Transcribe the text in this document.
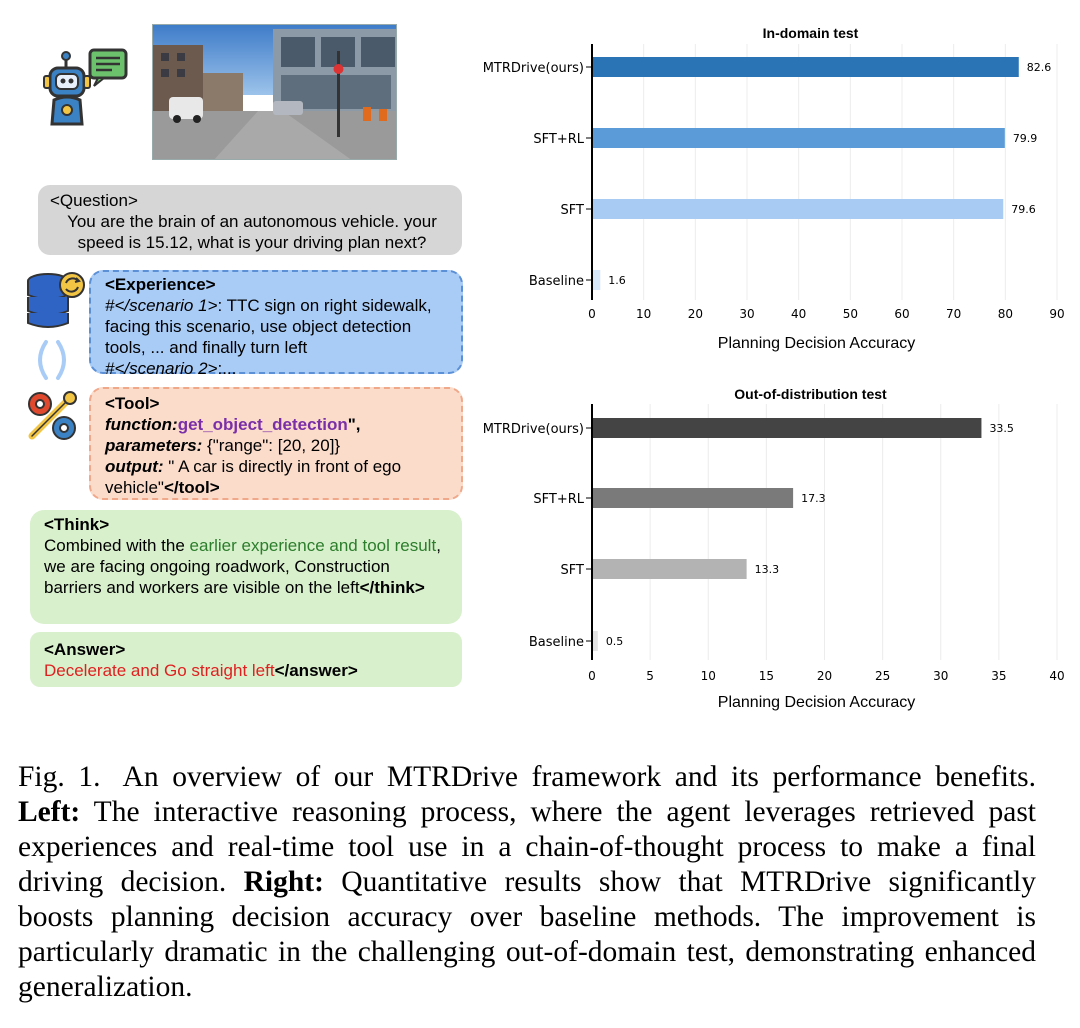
<Question>
You are the brain of an autonomous vehicle. your speed is 15.12, what is your driving plan next?
<Experience>
#</scenario 1>: TTC sign on right sidewalk, facing this scenario, use object detection tools, ... and finally turn left
#</scenario 2>:...
<Tool>
function:get_object_detection",
parameters: {"range": [20, 20]}
output: " A car is directly in front of ego vehicle"</tool>
<Think>
Combined with the earlier experience and tool result, we are facing ongoing roadwork, Construction barriers and workers are visible on the left</think>
<Answer>
Decelerate and Go straight left</answer>
In-domain test
MTRDrive(ours)	82.6
SFT+RL	79.9
SFT	79.6
Baseline 1.6
0	10	20	30	40	50	60	70	80	90
Planning Decision Accuracy
Out-of-distribution test
MTRDrive(ours)	33.5
SFT+RL	17.3
SFT	13.3
Baseline 0.5
0	5	10	15	20	25	30	35	40
Planning Decision Accuracy
Fig. 1. An overview of our MTRDrive framework and its performance benefits. Left: The interactive reasoning process, where the agent leverages retrieved past experiences and real-time tool use in a chain-of-thought process to make a final driving decision. Right: Quantitative results show that MTRDrive significantly boosts planning decision accuracy over baseline methods. The improvement is particularly dramatic in the challenging out-of-domain test, demonstrating enhanced generalization.
